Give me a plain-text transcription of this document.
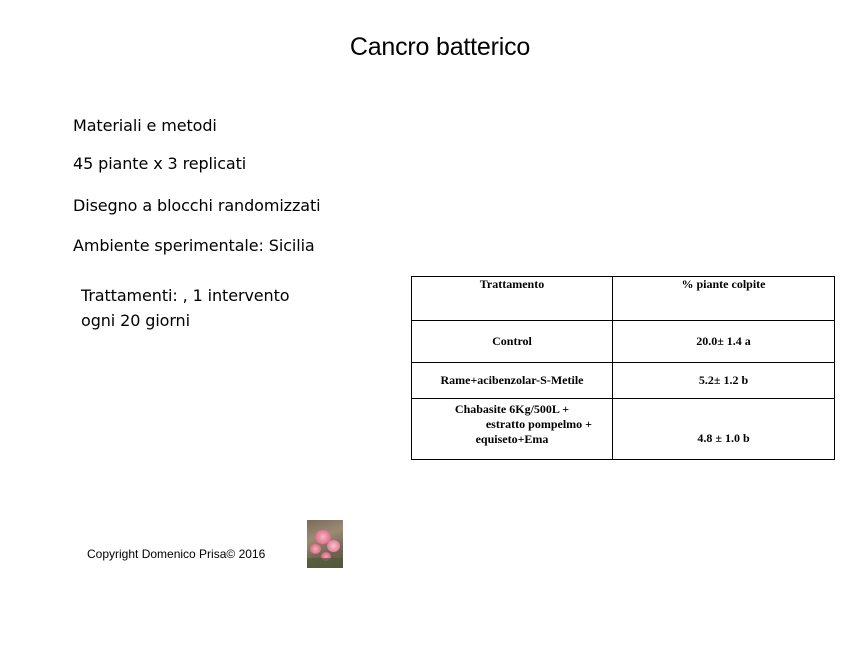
Cancro batterico
Materiali e metodi
45 piante x 3 replicati
Disegno a blocchi randomizzati
Ambiente sperimentale: Sicilia
Trattamenti: , 1 intervento
ogni 20 giorni
Trattamento	% piante colpite
Control	20.0± 1.4 a
Rame+acibenzolar-S-Metile	5.2± 1.2 b

Chabasite 6Kg/500L +
estratto pompelmo +
equiseto+Ema	4.8 ± 1.0 b
Copyright Domenico Prisa© 2016
